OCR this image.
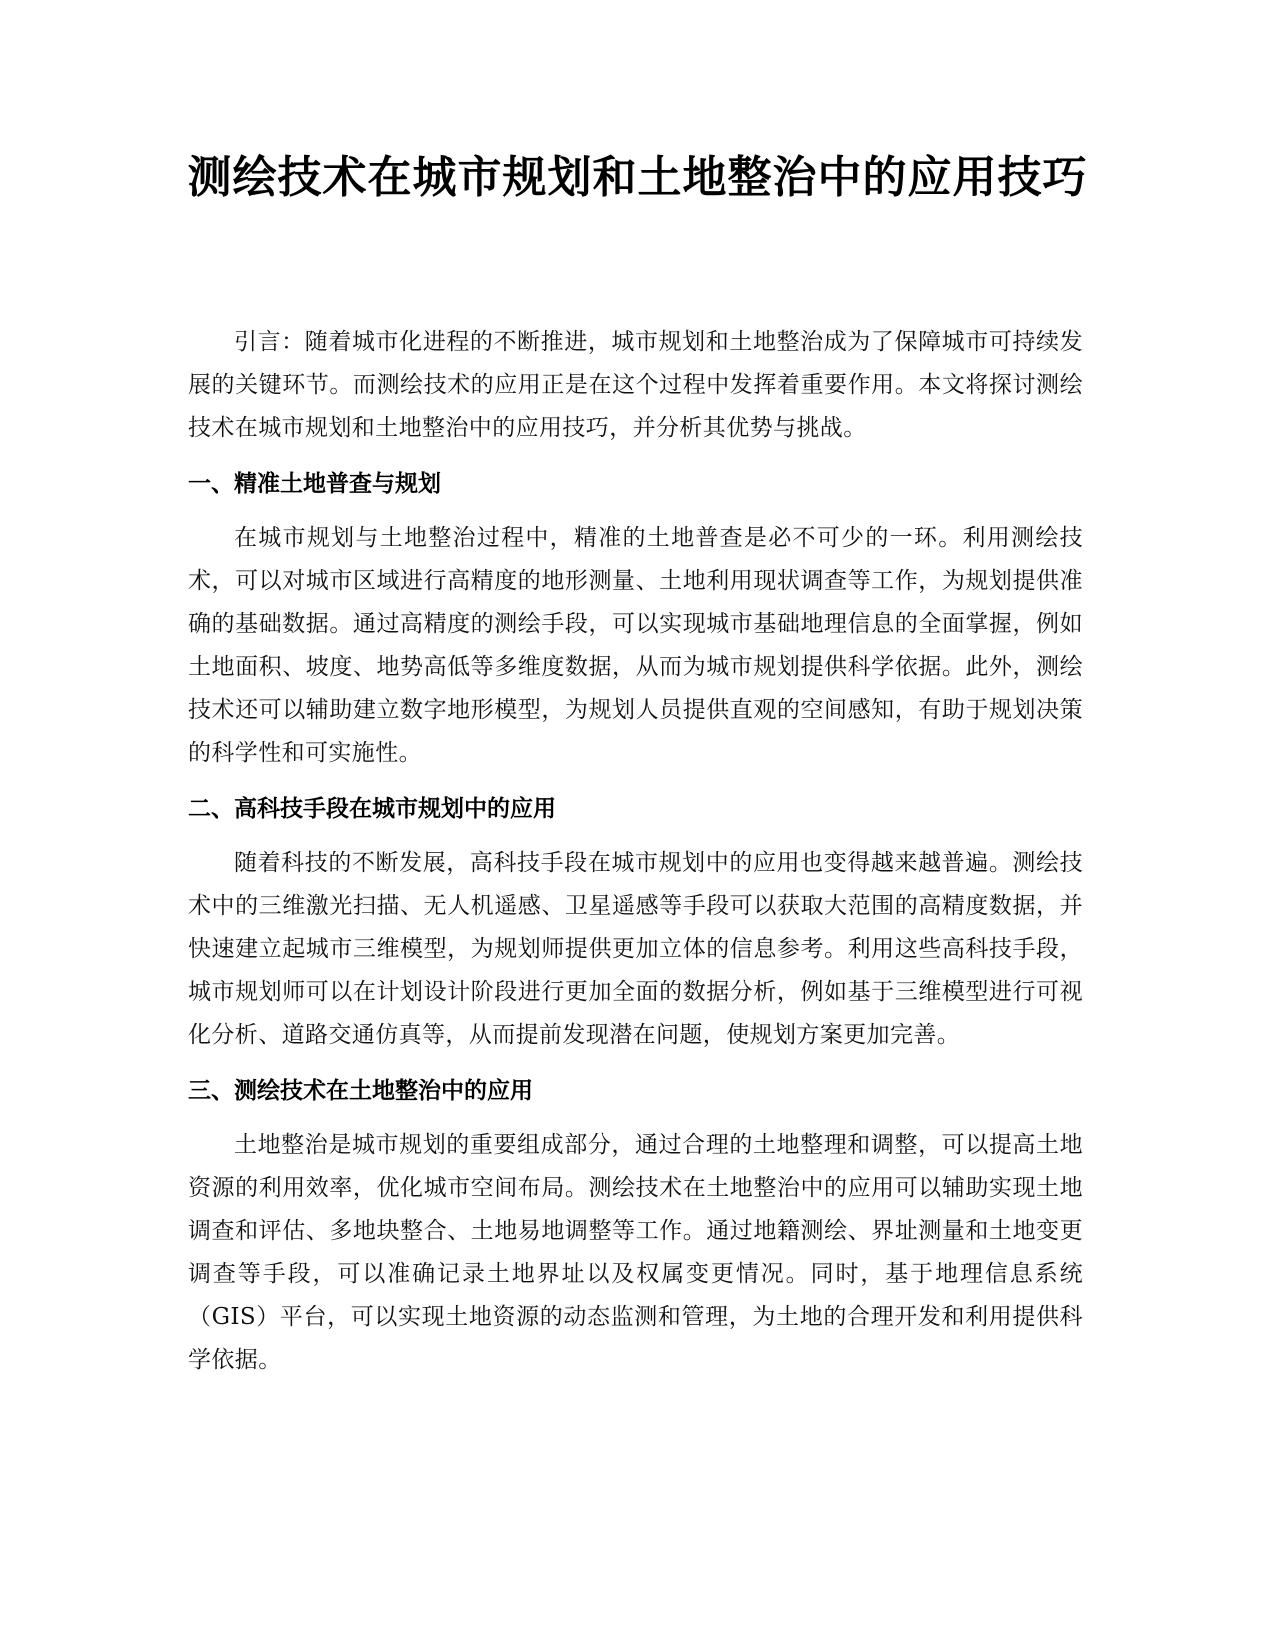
测绘技术在城市规划和土地整治中的应用技巧

引言：随着城市化进程的不断推进，城市规划和土地整治成为了保障城市可持续发展的关键环节。而测绘技术的应用正是在这个过程中发挥着重要作用。本文将探讨测绘技术在城市规划和土地整治中的应用技巧，并分析其优势与挑战。

一、精准土地普查与规划

在城市规划与土地整治过程中，精准的土地普查是必不可少的一环。利用测绘技术，可以对城市区域进行高精度的地形测量、土地利用现状调查等工作，为规划提供准确的基础数据。通过高精度的测绘手段，可以实现城市基础地理信息的全面掌握，例如土地面积、坡度、地势高低等多维度数据，从而为城市规划提供科学依据。此外，测绘技术还可以辅助建立数字地形模型，为规划人员提供直观的空间感知，有助于规划决策的科学性和可实施性。

二、高科技手段在城市规划中的应用

随着科技的不断发展，高科技手段在城市规划中的应用也变得越来越普遍。测绘技术中的三维激光扫描、无人机遥感、卫星遥感等手段可以获取大范围的高精度数据，并快速建立起城市三维模型，为规划师提供更加立体的信息参考。利用这些高科技手段，城市规划师可以在计划设计阶段进行更加全面的数据分析，例如基于三维模型进行可视化分析、道路交通仿真等，从而提前发现潜在问题，使规划方案更加完善。

三、测绘技术在土地整治中的应用

土地整治是城市规划的重要组成部分，通过合理的土地整理和调整，可以提高土地资源的利用效率，优化城市空间布局。测绘技术在土地整治中的应用可以辅助实现土地调查和评估、多地块整合、土地易地调整等工作。通过地籍测绘、界址测量和土地变更调查等手段，可以准确记录土地界址以及权属变更情况。同时，基于地理信息系统（GIS）平台，可以实现土地资源的动态监测和管理，为土地的合理开发和利用提供科学依据。
